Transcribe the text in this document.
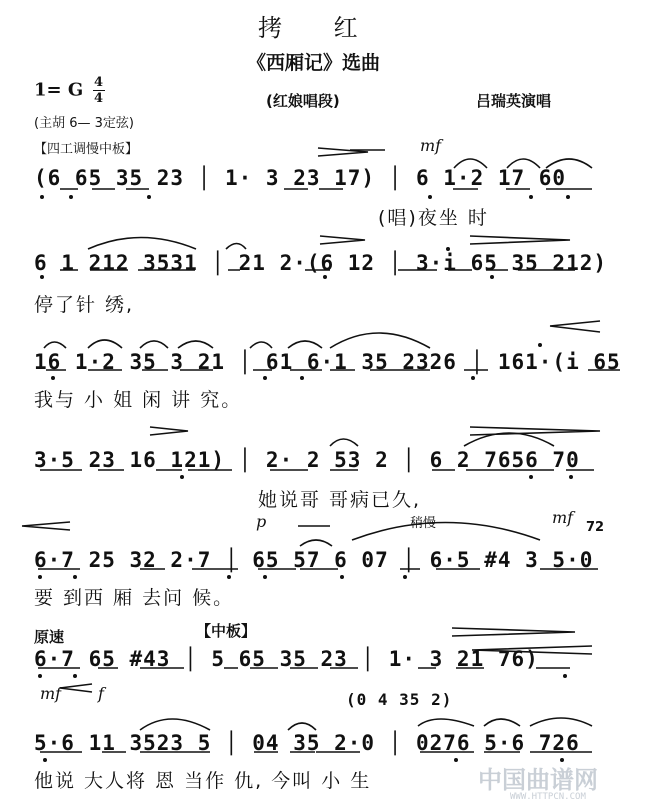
拷 红
《西厢记》选曲
(红娘唱段)	吕瑞英演唱
1= G $\frac{4}{4}$
(主胡 6— 3定弦)
【四工调慢中板】	mf
(6 65 35 23 │ 1· 3 23 17) │ 6 1·2 17 60
(唱)夜坐 时
6 1 212 3531 │ 21 2·(6 12 │ 3·i 65 35 212)
停了针 绣,
16 1·2 35 3 21 │ 61 6·1 35 2326 │ 161·(i 65
我与 小 姐 闲 讲 究。
3·5 23 16 121) │ 2· 2 53 2 │ 6 2 7656 70
她说哥 哥病已久,
p	稍慢	mf
72
6·7 25 32 2·7 │ 65 57 6 07 │ 6·5 #4 3 5·0
要 到西 厢 去问 候。
原速	【中板】
6·7 65 #43 │ 5 65 35 23 │ 1· 3 21 76)
mf f	(0 4 35 2)
5·6 11 3523 5 │ 04 35 2·0 │ 0276 5·6 726
他说 大人将 恩 当作 仇, 今叫 小 生	中国曲谱网
WWW.HTTPCN.COM
